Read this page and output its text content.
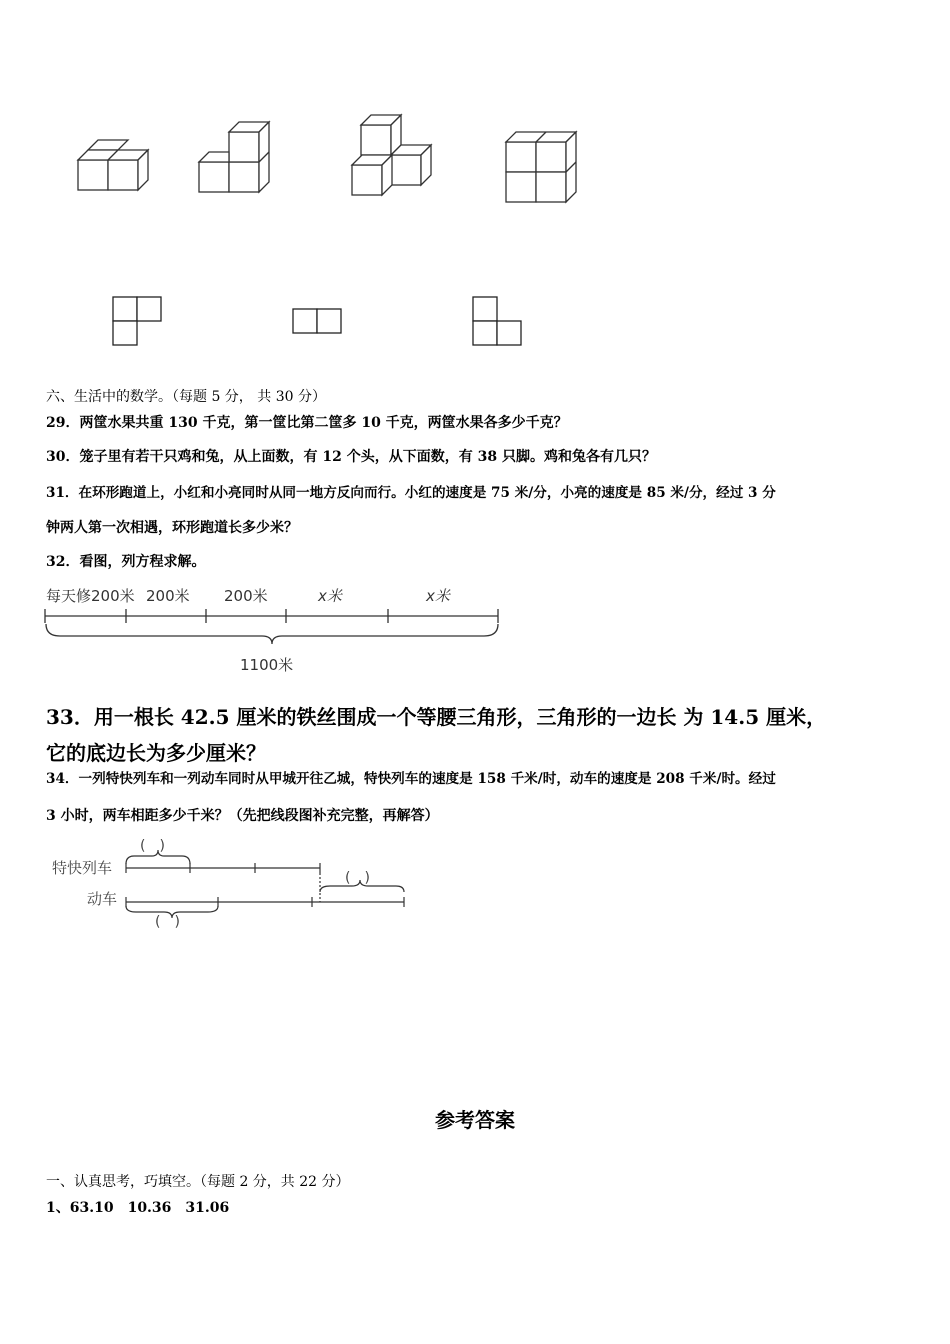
六、生活中的数学。（每题 5 分， 共 30 分）
29．两筐水果共重 130 千克，第一筐比第二筐多 10 千克，两筐水果各多少千克？
30．笼子里有若干只鸡和兔，从上面数，有 12 个头，从下面数，有 38 只脚。鸡和兔各有几只？
31．在环形跑道上，小红和小亮同时从同一地方反向而行。小红的速度是 75 米/分，小亮的速度是 85 米/分，经过 3 分
钟两人第一次相遇，环形跑道长多少米？
32．看图，列方程求解。
每天修200米 200米 200米	x米	x米
1100米
33．用一根长 42.5 厘米的铁丝围成一个等腰三角形，三角形的一边长 为 14.5 厘米，
它的底边长为多少厘米？
34．一列特快列车和一列动车同时从甲城开往乙城，特快列车的速度是 158 千米/时，动车的速度是 208 千米/时。经过
3 小时，两车相距多少千米？（先把线段图补充完整，再解答）
特快列车
动车
(　)
(　)
(　)
参考答案
一、认真思考，巧填空。（每题 2 分，共 22 分）
1、63.10　10.36　31.06
